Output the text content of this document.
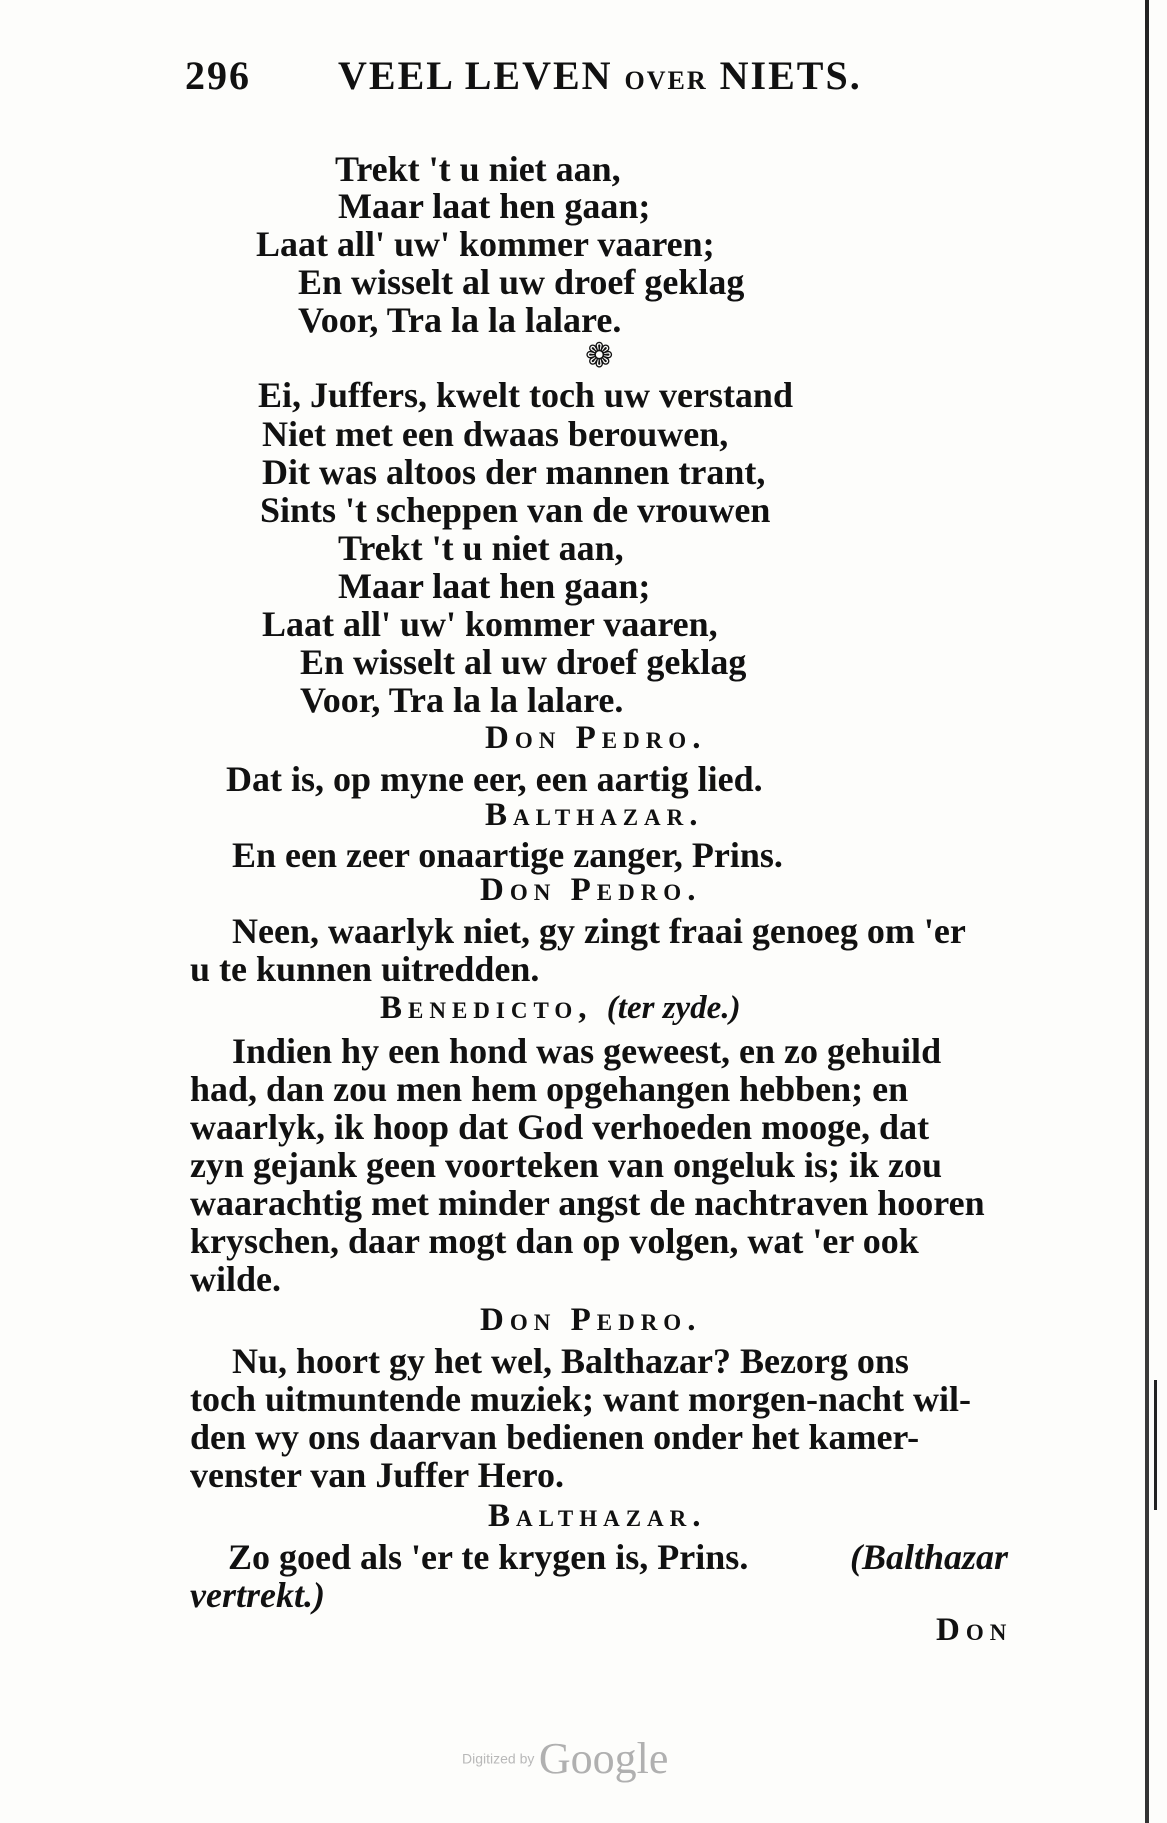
296 VEEL LEVEN OVER NIETS.
Trekt 't u niet aan,
Maar laat hen gaan;
Laat all' uw' kommer vaaren;
En wisselt al uw droef geklag
Voor, Tra la la lalare.
❁
Ei, Juffers, kwelt toch uw verstand
Niet met een dwaas berouwen,
Dit was altoos der mannen trant,
Sints 't scheppen van de vrouwen
Trekt 't u niet aan,
Maar laat hen gaan;
Laat all' uw' kommer vaaren,
En wisselt al uw droef geklag
Voor, Tra la la lalare.
Don Pedro.
Dat is, op myne eer, een aartig lied.
Balthazar.
En een zeer onaartige zanger, Prins.
Don Pedro.
Neen, waarlyk niet, gy zingt fraai genoeg om 'er
u te kunnen uitredden.
Benedicto, (ter zyde.)
Indien hy een hond was geweest, en zo gehuild
had, dan zou men hem opgehangen hebben; en
waarlyk, ik hoop dat God verhoeden mooge, dat
zyn gejank geen voorteken van ongeluk is; ik zou
waarachtig met minder angst de nachtraven hooren
kryschen, daar mogt dan op volgen, wat 'er ook
wilde.
Don Pedro.
Nu, hoort gy het wel, Balthazar? Bezorg ons
toch uitmuntende muziek; want morgen-nacht wil-
den wy ons daarvan bedienen onder het kamer-
venster van Juffer Hero.
Balthazar.
Zo goed als 'er te krygen is, Prins.	(Balthazar
vertrekt.)
Don
Digitized by Google
